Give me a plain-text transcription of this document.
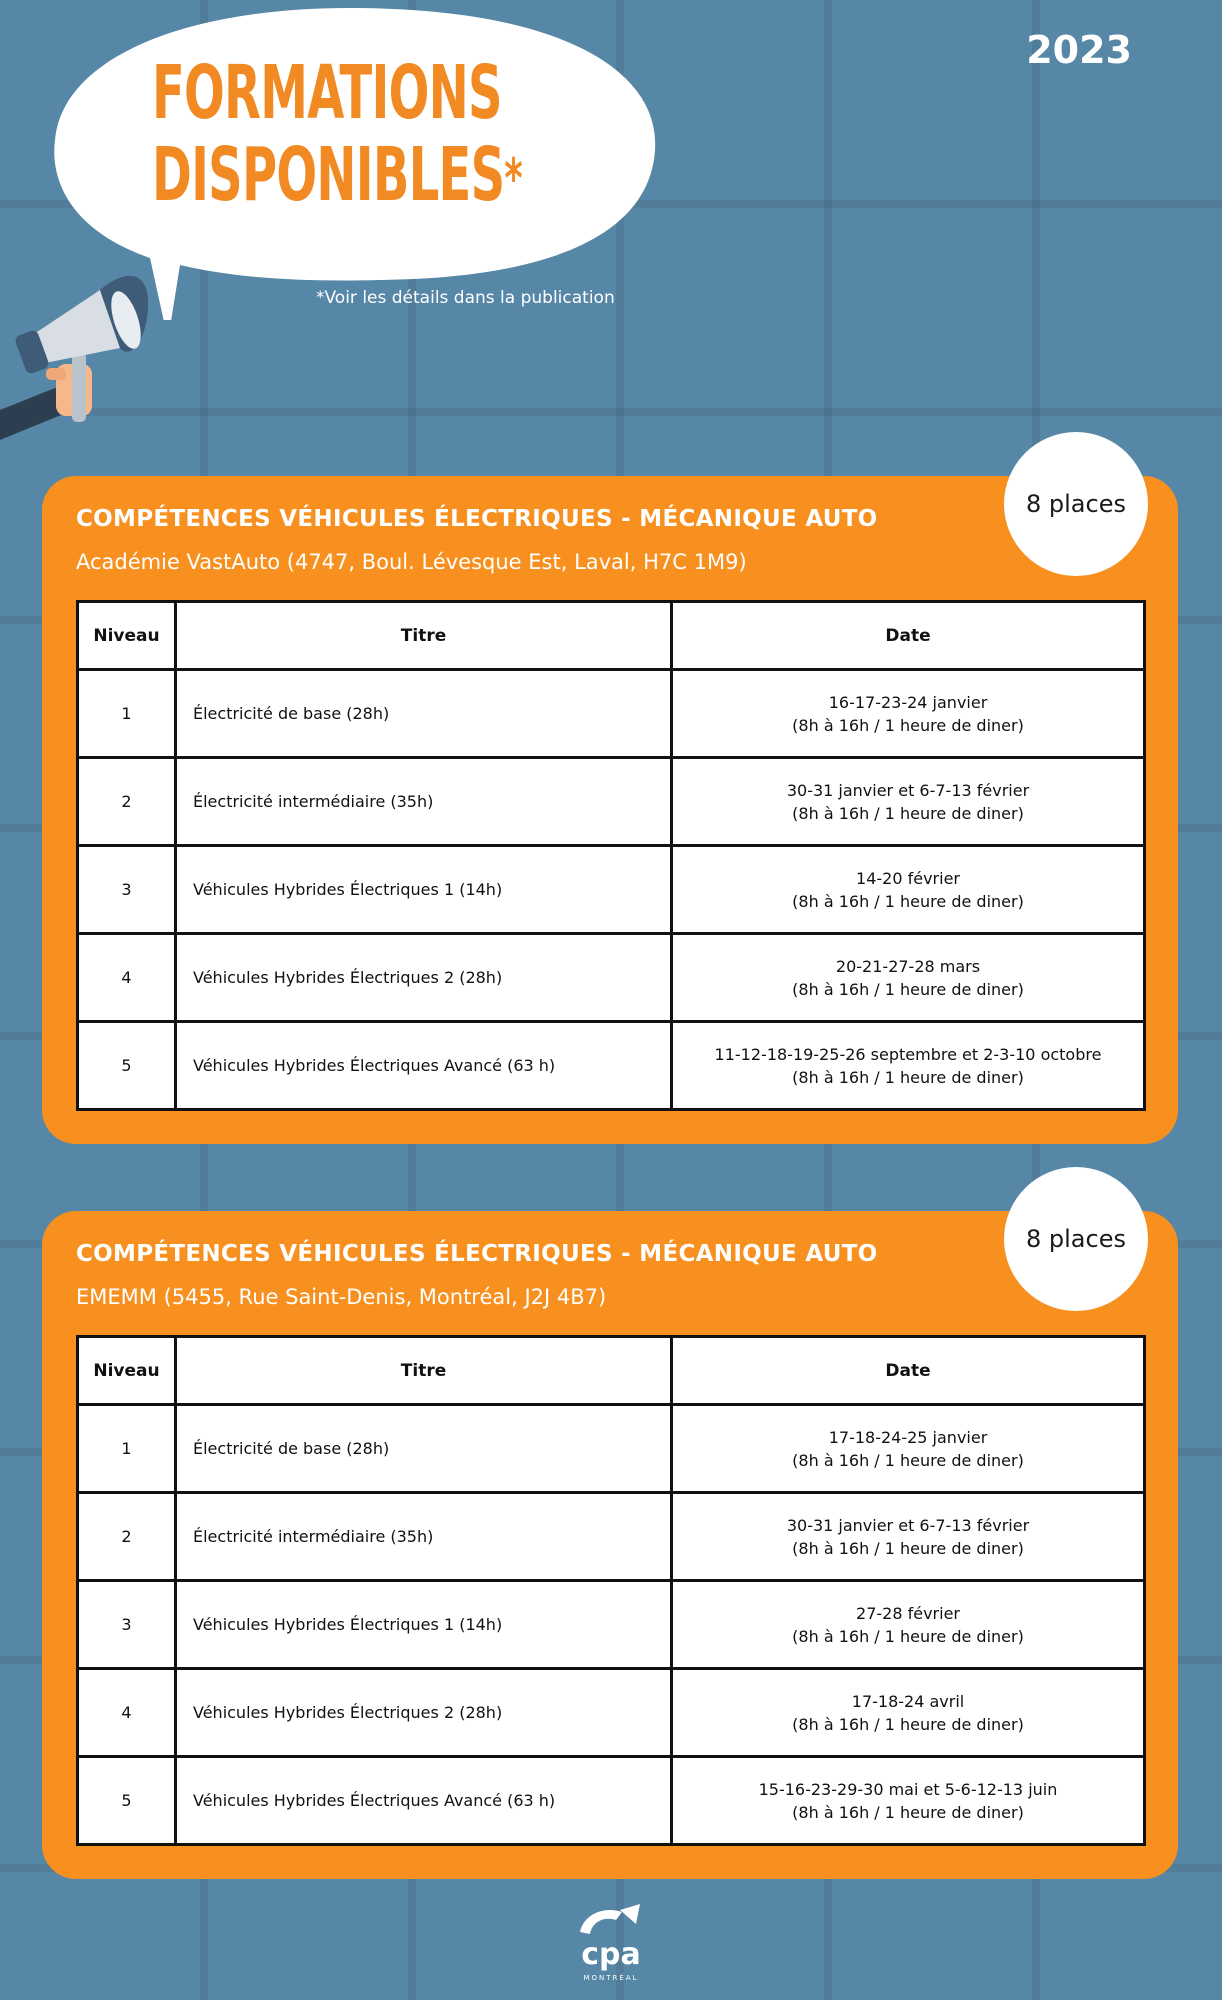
2023
FORMATIONS
DISPONIBLES*
*Voir les détails dans la publication
COMPÉTENCES VÉHICULES ÉLECTRIQUES - MÉCANIQUE AUTO
Académie VastAuto (4747, Boul. Lévesque Est, Laval, H7C 1M9)
8 places
Niveau	Titre	Date
1	Électricité de base (28h)	16-17-23-24 janvier
(8h à 16h / 1 heure de diner)

2	Électricité intermédiaire (35h)	30-31 janvier et 6-7-13 février
(8h à 16h / 1 heure de diner)

3	Véhicules Hybrides Électriques 1 (14h)	14-20 février
(8h à 16h / 1 heure de diner)

4	Véhicules Hybrides Électriques 2 (28h)	20-21-27-28 mars
(8h à 16h / 1 heure de diner)

5	Véhicules Hybrides Électriques Avancé (63 h)	11-12-18-19-25-26 septembre et 2-3-10 octobre
(8h à 16h / 1 heure de diner)
COMPÉTENCES VÉHICULES ÉLECTRIQUES - MÉCANIQUE AUTO
EMEMM (5455, Rue Saint-Denis, Montréal, J2J 4B7)
8 places
Niveau	Titre	Date
1	Électricité de base (28h)	17-18-24-25 janvier
(8h à 16h / 1 heure de diner)

2	Électricité intermédiaire (35h)	30-31 janvier et 6-7-13 février
(8h à 16h / 1 heure de diner)

3	Véhicules Hybrides Électriques 1 (14h)	27-28 février
(8h à 16h / 1 heure de diner)

4	Véhicules Hybrides Électriques 2 (28h)	17-18-24 avril
(8h à 16h / 1 heure de diner)

5	Véhicules Hybrides Électriques Avancé (63 h)	15-16-23-29-30 mai et 5-6-12-13 juin
(8h à 16h / 1 heure de diner)
cpa
MONTRÉAL
